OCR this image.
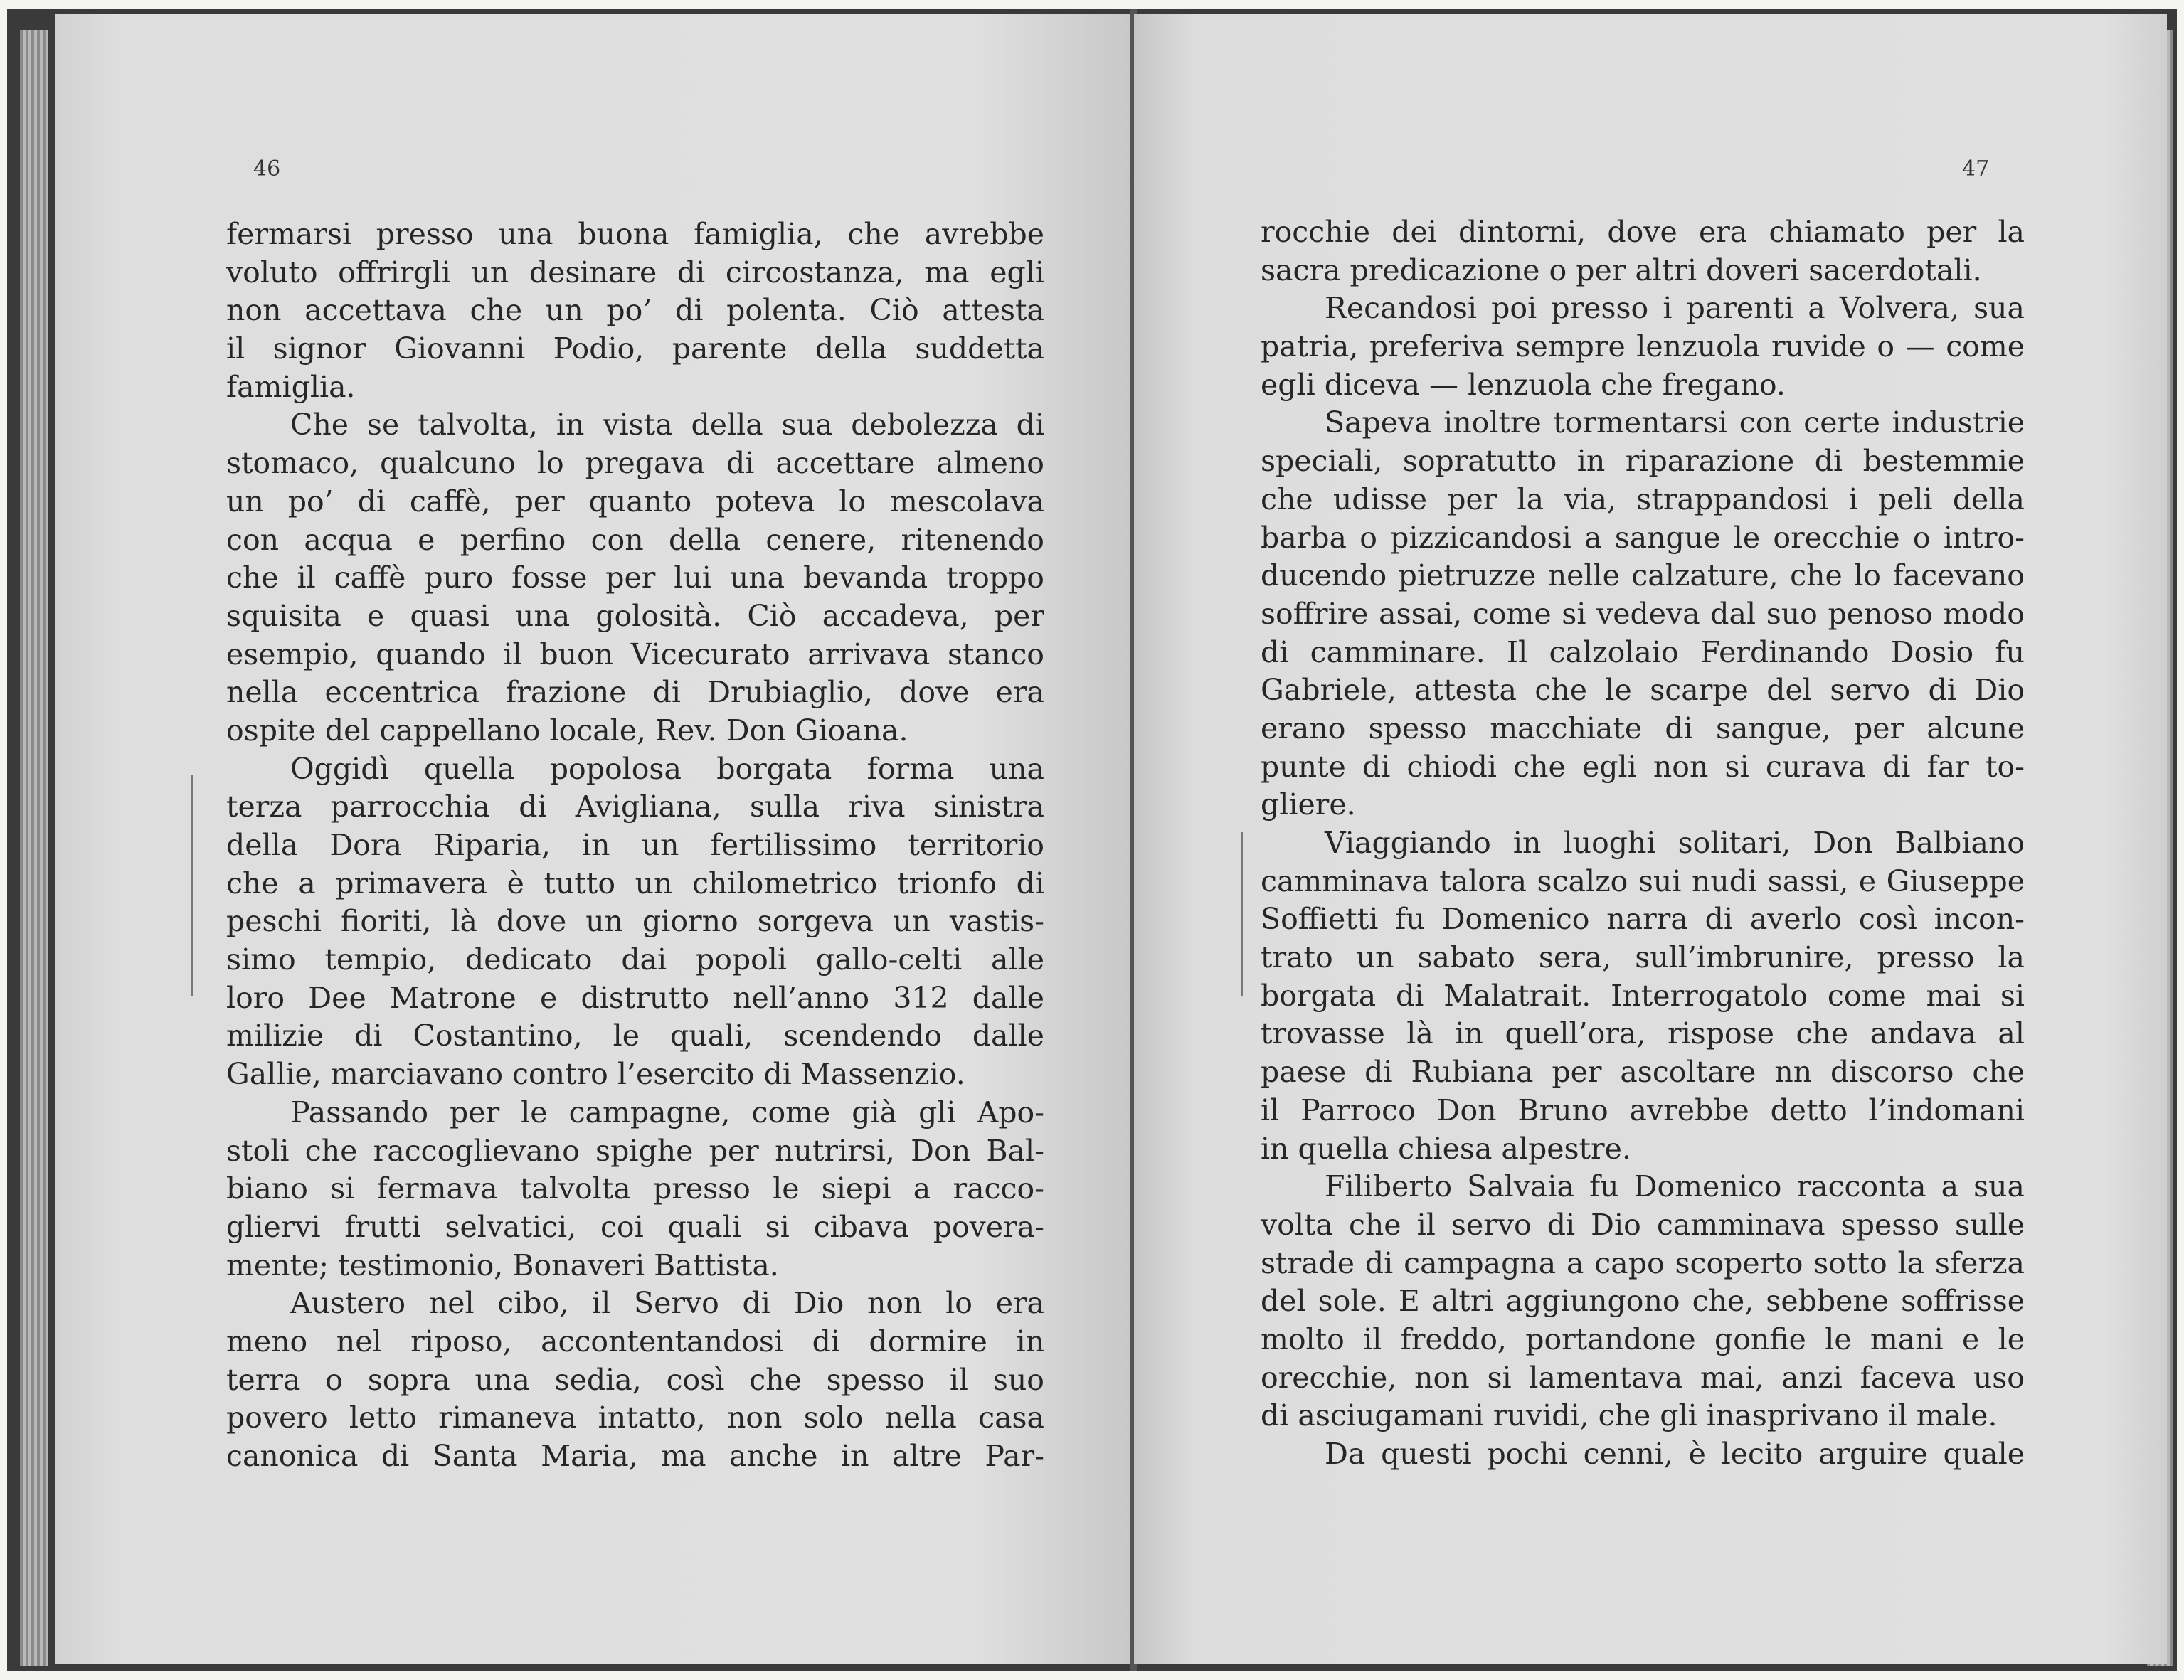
46
fermarsi presso una buona famiglia, che avrebbe
voluto offrirgli un desinare di circostanza, ma egli
non accettava che un po’ di polenta. Ciò attesta
il signor Giovanni Podio, parente della suddetta
famiglia.
Che se talvolta, in vista della sua debolezza di
stomaco, qualcuno lo pregava di accettare almeno
un po’ di caffè, per quanto poteva lo mescolava
con acqua e perfino con della cenere, ritenendo
che il caffè puro fosse per lui una bevanda troppo
squisita e quasi una golosità. Ciò accadeva, per
esempio, quando il buon Vicecurato arrivava stanco
nella eccentrica frazione di Drubiaglio, dove era
ospite del cappellano locale, Rev. Don Gioana.
Oggidì quella popolosa borgata forma una
terza parrocchia di Avigliana, sulla riva sinistra
della Dora Riparia, in un fertilissimo territorio
che a primavera è tutto un chilometrico trionfo di
peschi fioriti, là dove un giorno sorgeva un vastis-
simo tempio, dedicato dai popoli gallo-celti alle
loro Dee Matrone e distrutto nell’anno 312 dalle
milizie di Costantino, le quali, scendendo dalle
Gallie, marciavano contro l’esercito di Massenzio.
Passando per le campagne, come già gli Apo-
stoli che raccoglievano spighe per nutrirsi, Don Bal-
biano si fermava talvolta presso le siepi a racco-
gliervi frutti selvatici, coi quali si cibava povera-
mente; testimonio, Bonaveri Battista.
Austero nel cibo, il Servo di Dio non lo era
meno nel riposo, accontentandosi di dormire in
terra o sopra una sedia, così che spesso il suo
povero letto rimaneva intatto, non solo nella casa
canonica di Santa Maria, ma anche in altre Par-
47
rocchie dei dintorni, dove era chiamato per la
sacra predicazione o per altri doveri sacerdotali.
Recandosi poi presso i parenti a Volvera, sua
patria, preferiva sempre lenzuola ruvide o — come
egli diceva — lenzuola che fregano.
Sapeva inoltre tormentarsi con certe industrie
speciali, sopratutto in riparazione di bestemmie
che udisse per la via, strappandosi i peli della
barba o pizzicandosi a sangue le orecchie o intro-
ducendo pietruzze nelle calzature, che lo facevano
soffrire assai, come si vedeva dal suo penoso modo
di camminare. Il calzolaio Ferdinando Dosio fu
Gabriele, attesta che le scarpe del servo di Dio
erano spesso macchiate di sangue, per alcune
punte di chiodi che egli non si curava di far to-
gliere.
Viaggiando in luoghi solitari, Don Balbiano
camminava talora scalzo sui nudi sassi, e Giuseppe
Soffietti fu Domenico narra di averlo così incon-
trato un sabato sera, sull’imbrunire, presso la
borgata di Malatrait. Interrogatolo come mai si
trovasse là in quell’ora, rispose che andava al
paese di Rubiana per ascoltare nn discorso che
il Parroco Don Bruno avrebbe detto l’indomani
in quella chiesa alpestre.
Filiberto Salvaia fu Domenico racconta a sua
volta che il servo di Dio camminava spesso sulle
strade di campagna a capo scoperto sotto la sferza
del sole. E altri aggiungono che, sebbene soffrisse
molto il freddo, portandone gonfie le mani e le
orecchie, non si lamentava mai, anzi faceva uso
di asciugamani ruvidi, che gli inasprivano il male.
Da questi pochi cenni, è lecito arguire quale
